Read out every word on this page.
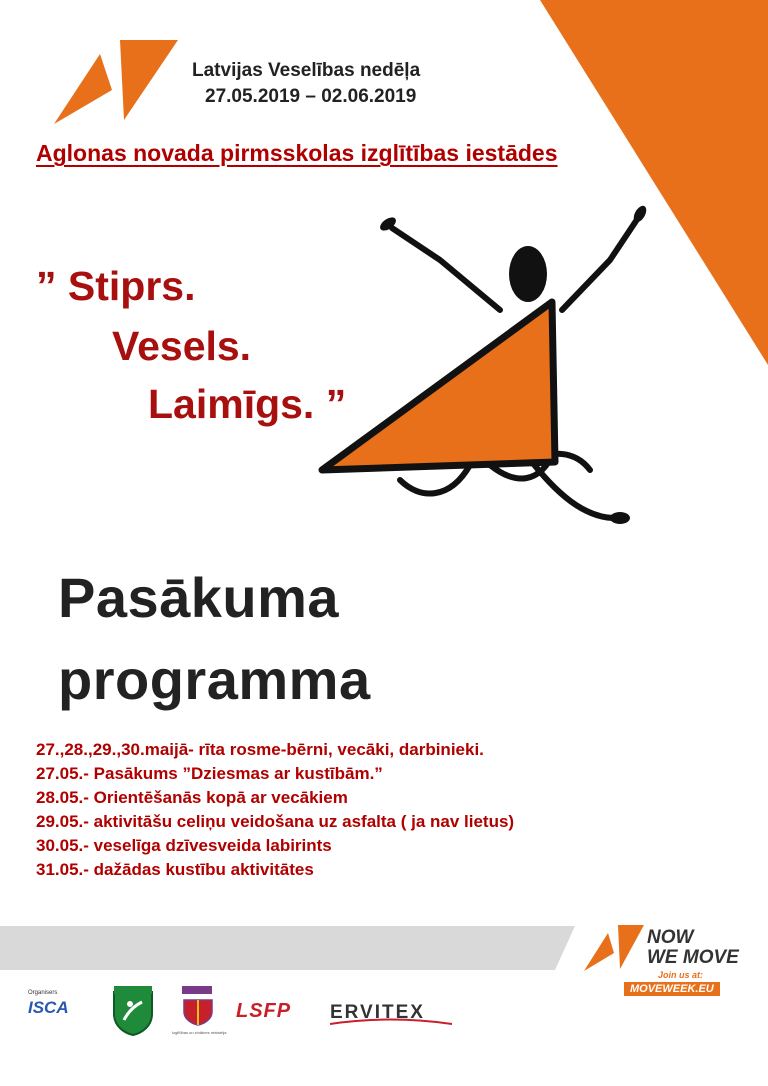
Latvijas Veselības nedēļa
27.05.2019 – 02.06.2019
Aglonas novada pirmsskolas izglītības iestādes
” Stiprs.
Vesels.
Laimīgs. ”
Pasākuma
programma
27.,28.,29.,30.maijā- rīta rosme-bērni, vecāki, darbinieki.
27.05.- Pasākums ”Dziesmas ar kustībām.”
28.05.- Orientēšanās kopā ar vecākiem
29.05.- aktivitāšu celiņu veidošana uz asfalta ( ja nav lietus)
30.05.- veselīga dzīvesveida labirints
31.05.- dažādas kustību aktivitātes
NOW
WE MOVE
Join us at:
MOVEWEEK.EU
Organisers
ISCA
Izglītības un zinātnes ministrija
LSFP ERVITEX
